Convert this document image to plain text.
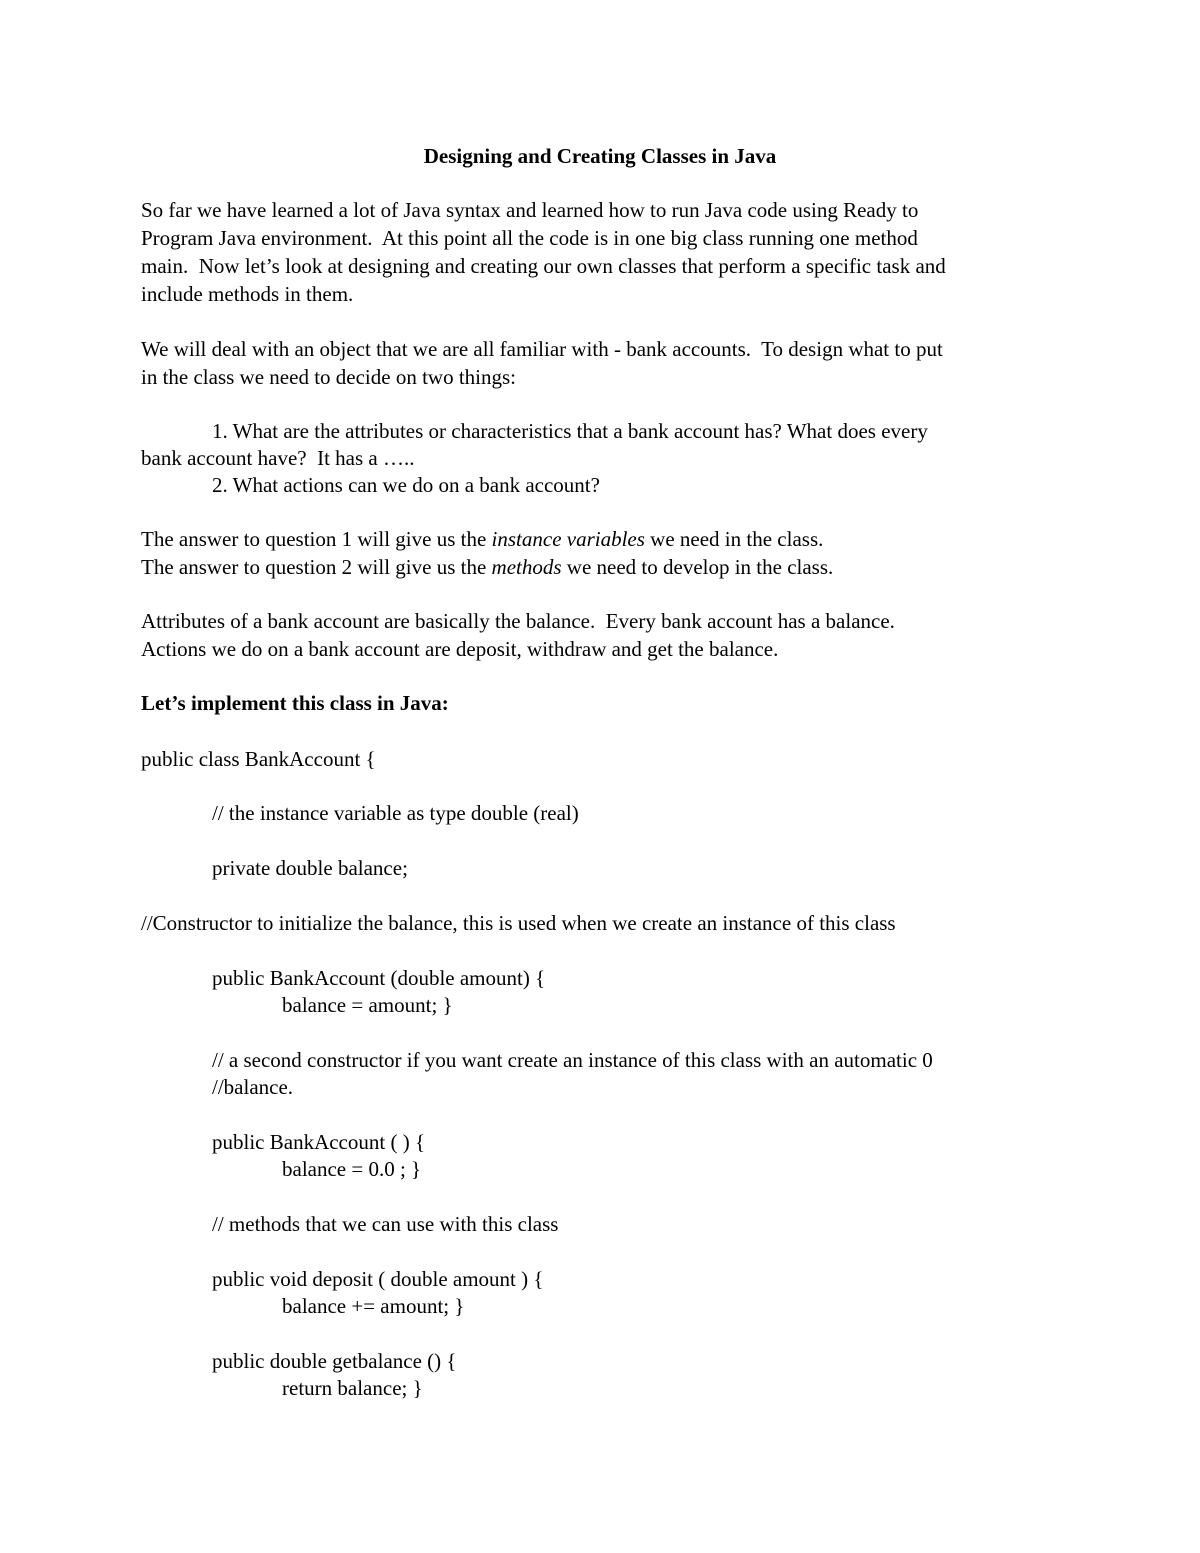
Designing and Creating Classes in Java
So far we have learned a lot of Java syntax and learned how to run Java code using Ready to
Program Java environment.  At this point all the code is in one big class running one method
main.  Now let’s look at designing and creating our own classes that perform a specific task and
include methods in them.
We will deal with an object that we are all familiar with - bank accounts.  To design what to put
in the class we need to decide on two things:
1. What are the attributes or characteristics that a bank account has? What does every
bank account have?  It has a …..
2. What actions can we do on a bank account?
The answer to question 1 will give us the instance variables we need in the class.
The answer to question 2 will give us the methods we need to develop in the class.
Attributes of a bank account are basically the balance.  Every bank account has a balance.
Actions we do on a bank account are deposit, withdraw and get the balance.
Let’s implement this class in Java:
public class BankAccount {
// the instance variable as type double (real)
private double balance;
//Constructor to initialize the balance, this is used when we create an instance of this class
public BankAccount (double amount) {
balance = amount; }
// a second constructor if you want create an instance of this class with an automatic 0
//balance.
public BankAccount ( ) {
balance = 0.0 ; }
// methods that we can use with this class
public void deposit ( double amount ) {
balance += amount; }
public double getbalance () {
return balance; }
